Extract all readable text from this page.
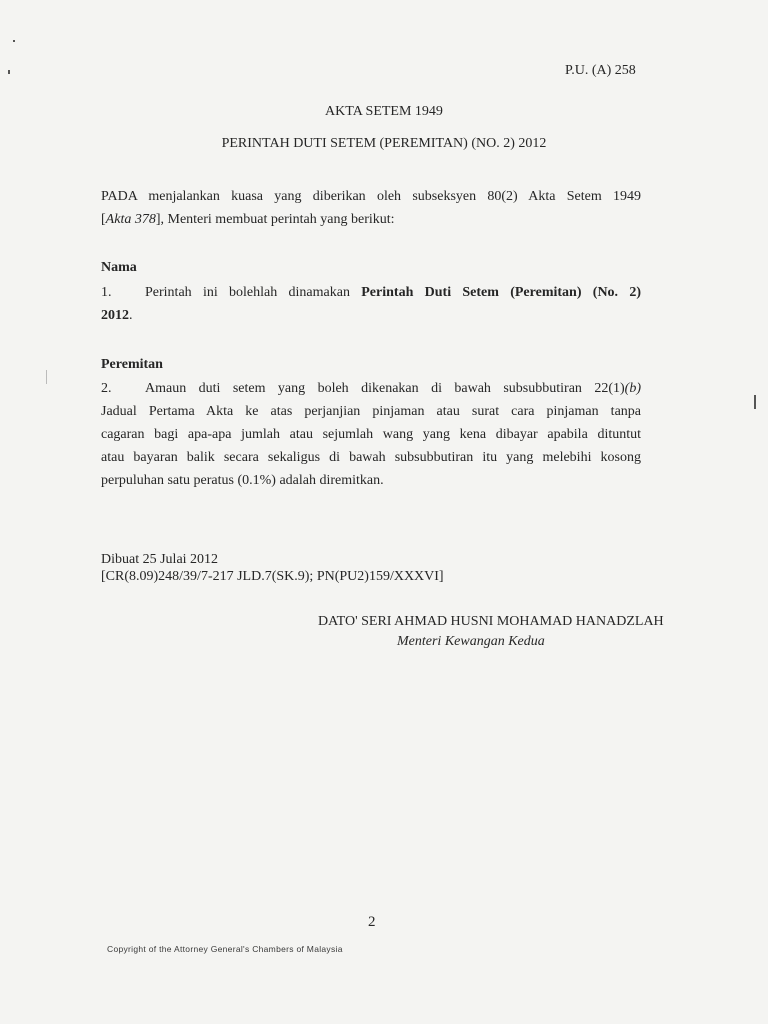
P.U. (A) 258
AKTA SETEM 1949
PERINTAH DUTI SETEM (PEREMITAN) (NO. 2) 2012
PADA menjalankan kuasa yang diberikan oleh subseksyen 80(2) Akta Setem 1949
[Akta 378], Menteri membuat perintah yang berikut:
Nama
1. Perintah ini bolehlah dinamakan Perintah Duti Setem (Peremitan) (No. 2)
2012.
Peremitan
2. Amaun duti setem yang boleh dikenakan di bawah subsubbutiran 22(1)(b)
Jadual Pertama Akta ke atas perjanjian pinjaman atau surat cara pinjaman tanpa
cagaran bagi apa-apa jumlah atau sejumlah wang yang kena dibayar apabila dituntut
atau bayaran balik secara sekaligus di bawah subsubbutiran itu yang melebihi kosong
perpuluhan satu peratus (0.1%) adalah diremitkan.
Dibuat 25 Julai 2012
[CR(8.09)248/39/7-217 JLD.7(SK.9); PN(PU2)159/XXXVI]
DATO' SERI AHMAD HUSNI MOHAMAD HANADZLAH
Menteri Kewangan Kedua
2
Copyright of the Attorney General's Chambers of Malaysia
